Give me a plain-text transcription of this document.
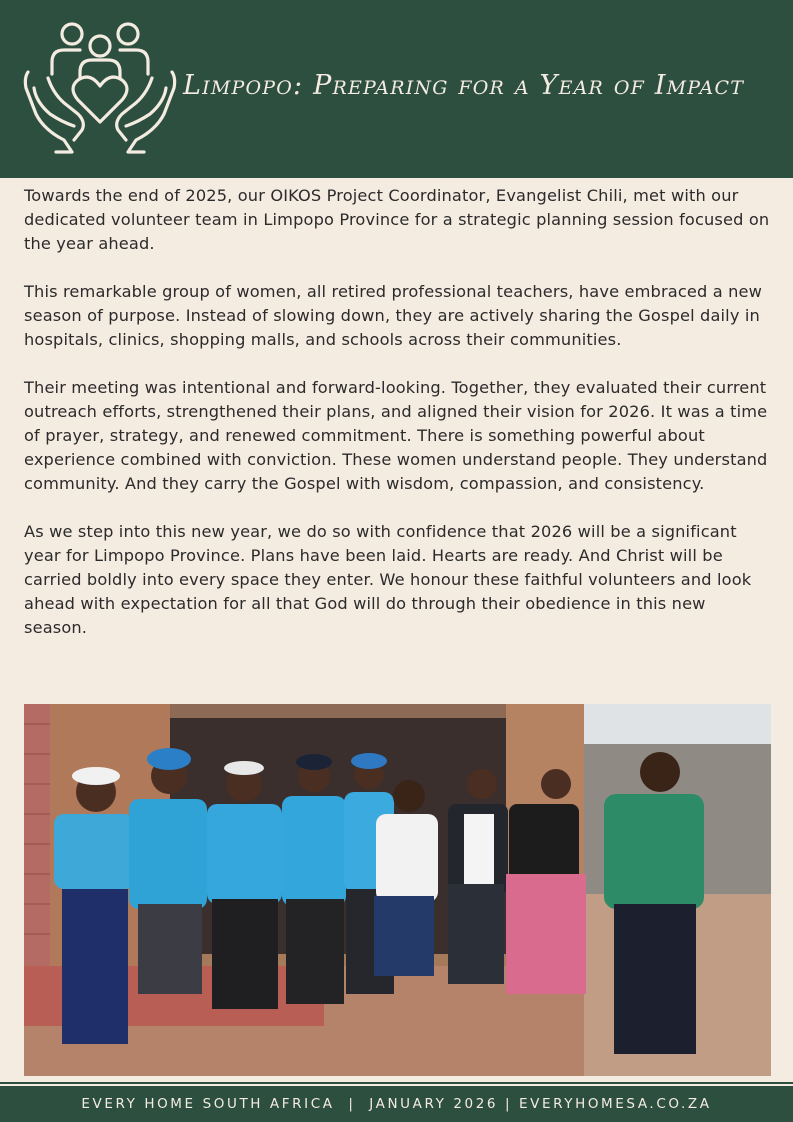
Limpopo: Preparing for a Year of Impact

Towards the end of 2025, our OIKOS Project Coordinator, Evangelist Chili, met with our dedicated volunteer team in Limpopo Province for a strategic planning session focused on the year ahead.

This remarkable group of women, all retired professional teachers, have embraced a new season of purpose. Instead of slowing down, they are actively sharing the Gospel daily in hospitals, clinics, shopping malls, and schools across their communities.

Their meeting was intentional and forward-looking. Together, they evaluated their current outreach efforts, strengthened their plans, and aligned their vision for 2026. It was a time of prayer, strategy, and renewed commitment. There is something powerful about experience combined with conviction. These women understand people. They understand community. And they carry the Gospel with wisdom, compassion, and consistency.

As we step into this new year, we do so with confidence that 2026 will be a significant year for Limpopo Province. Plans have been laid. Hearts are ready. And Christ will be carried boldly into every space they enter. We honour these faithful volunteers and look ahead with expectation for all that God will do through their obedience in this new season.

EVERY HOME SOUTH AFRICA  |  JANUARY 2026 | EVERYHOMESA.CO.ZA
